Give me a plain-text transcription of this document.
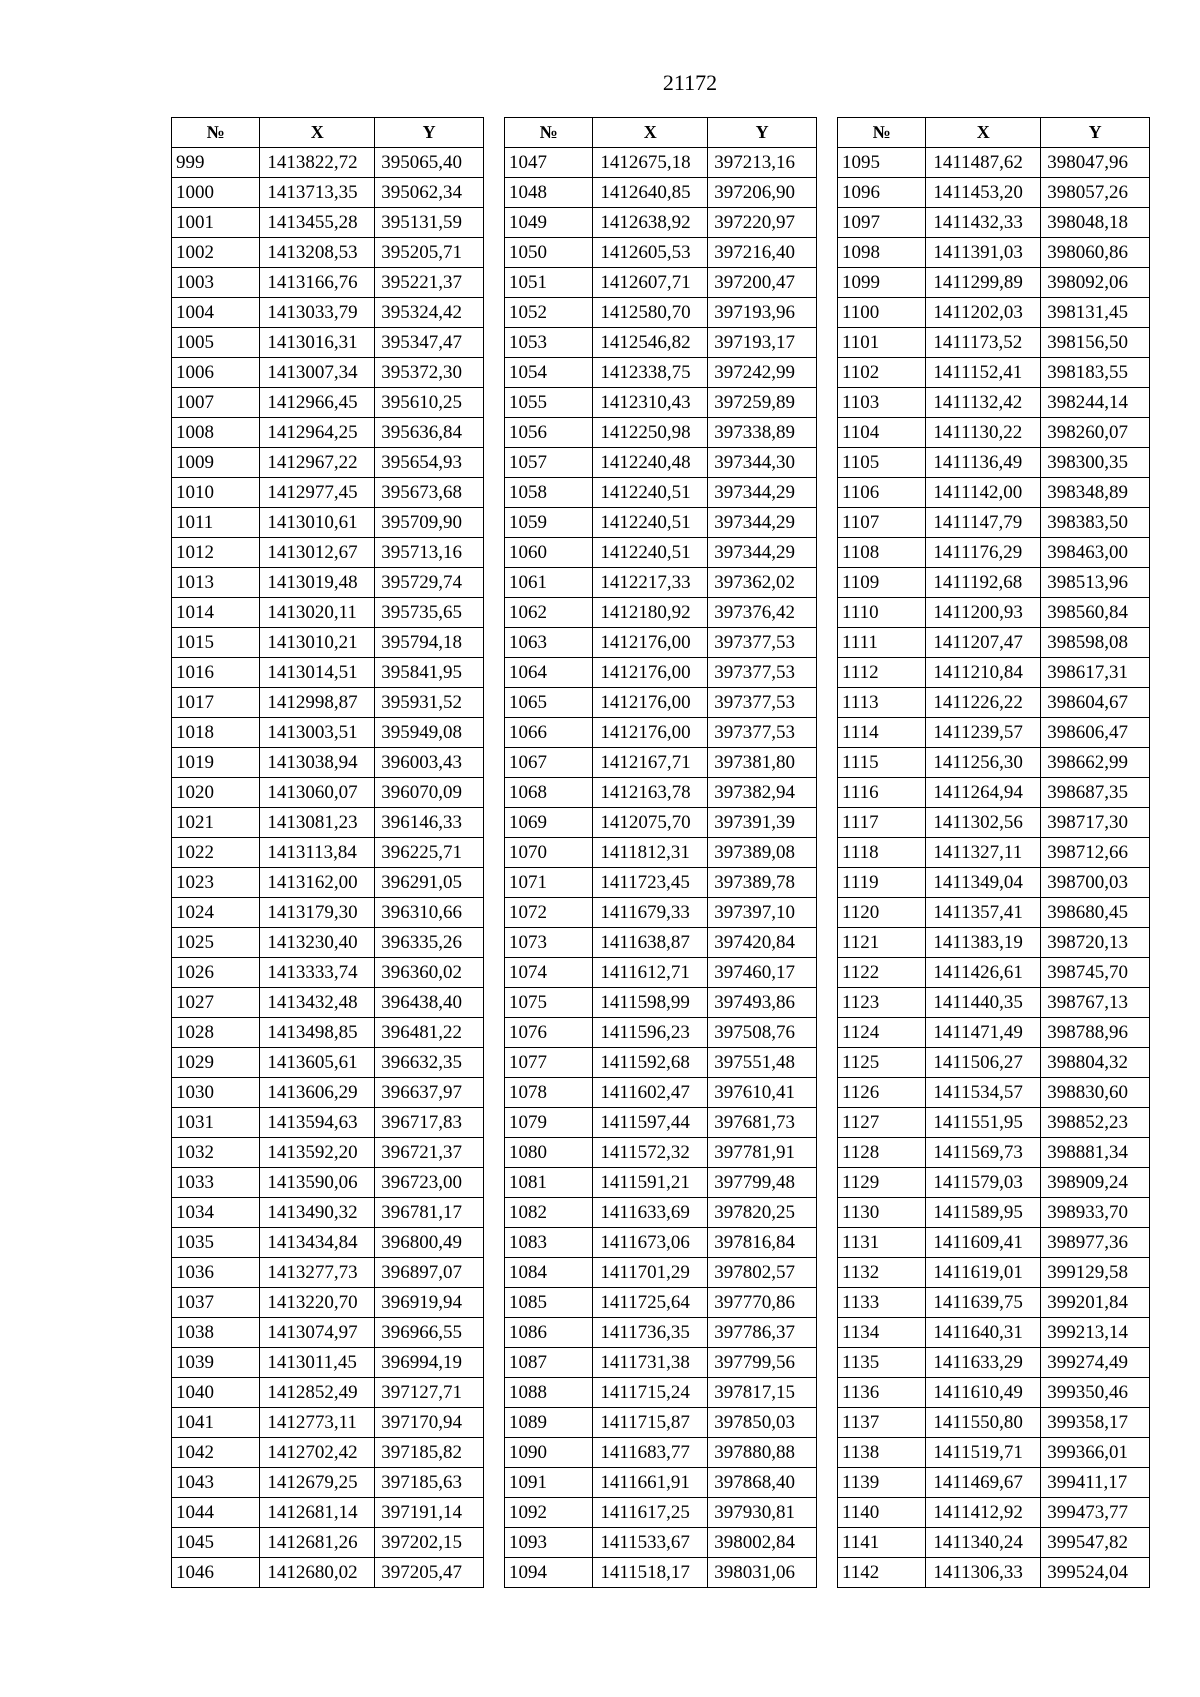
21172
№	X	Y
999	1413822,72	395065,40
1000	1413713,35	395062,34
1001	1413455,28	395131,59
1002	1413208,53	395205,71
1003	1413166,76	395221,37
1004	1413033,79	395324,42
1005	1413016,31	395347,47
1006	1413007,34	395372,30
1007	1412966,45	395610,25
1008	1412964,25	395636,84
1009	1412967,22	395654,93
1010	1412977,45	395673,68
1011	1413010,61	395709,90
1012	1413012,67	395713,16
1013	1413019,48	395729,74
1014	1413020,11	395735,65
1015	1413010,21	395794,18
1016	1413014,51	395841,95
1017	1412998,87	395931,52
1018	1413003,51	395949,08
1019	1413038,94	396003,43
1020	1413060,07	396070,09
1021	1413081,23	396146,33
1022	1413113,84	396225,71
1023	1413162,00	396291,05
1024	1413179,30	396310,66
1025	1413230,40	396335,26
1026	1413333,74	396360,02
1027	1413432,48	396438,40
1028	1413498,85	396481,22
1029	1413605,61	396632,35
1030	1413606,29	396637,97
1031	1413594,63	396717,83
1032	1413592,20	396721,37
1033	1413590,06	396723,00
1034	1413490,32	396781,17
1035	1413434,84	396800,49
1036	1413277,73	396897,07
1037	1413220,70	396919,94
1038	1413074,97	396966,55
1039	1413011,45	396994,19
1040	1412852,49	397127,71
1041	1412773,11	397170,94
1042	1412702,42	397185,82
1043	1412679,25	397185,63
1044	1412681,14	397191,14
1045	1412681,26	397202,15
1046	1412680,02	397205,47
№	X	Y
1047	1412675,18	397213,16
1048	1412640,85	397206,90
1049	1412638,92	397220,97
1050	1412605,53	397216,40
1051	1412607,71	397200,47
1052	1412580,70	397193,96
1053	1412546,82	397193,17
1054	1412338,75	397242,99
1055	1412310,43	397259,89
1056	1412250,98	397338,89
1057	1412240,48	397344,30
1058	1412240,51	397344,29
1059	1412240,51	397344,29
1060	1412240,51	397344,29
1061	1412217,33	397362,02
1062	1412180,92	397376,42
1063	1412176,00	397377,53
1064	1412176,00	397377,53
1065	1412176,00	397377,53
1066	1412176,00	397377,53
1067	1412167,71	397381,80
1068	1412163,78	397382,94
1069	1412075,70	397391,39
1070	1411812,31	397389,08
1071	1411723,45	397389,78
1072	1411679,33	397397,10
1073	1411638,87	397420,84
1074	1411612,71	397460,17
1075	1411598,99	397493,86
1076	1411596,23	397508,76
1077	1411592,68	397551,48
1078	1411602,47	397610,41
1079	1411597,44	397681,73
1080	1411572,32	397781,91
1081	1411591,21	397799,48
1082	1411633,69	397820,25
1083	1411673,06	397816,84
1084	1411701,29	397802,57
1085	1411725,64	397770,86
1086	1411736,35	397786,37
1087	1411731,38	397799,56
1088	1411715,24	397817,15
1089	1411715,87	397850,03
1090	1411683,77	397880,88
1091	1411661,91	397868,40
1092	1411617,25	397930,81
1093	1411533,67	398002,84
1094	1411518,17	398031,06
№	X	Y
1095	1411487,62	398047,96
1096	1411453,20	398057,26
1097	1411432,33	398048,18
1098	1411391,03	398060,86
1099	1411299,89	398092,06
1100	1411202,03	398131,45
1101	1411173,52	398156,50
1102	1411152,41	398183,55
1103	1411132,42	398244,14
1104	1411130,22	398260,07
1105	1411136,49	398300,35
1106	1411142,00	398348,89
1107	1411147,79	398383,50
1108	1411176,29	398463,00
1109	1411192,68	398513,96
1110	1411200,93	398560,84
1111	1411207,47	398598,08
1112	1411210,84	398617,31
1113	1411226,22	398604,67
1114	1411239,57	398606,47
1115	1411256,30	398662,99
1116	1411264,94	398687,35
1117	1411302,56	398717,30
1118	1411327,11	398712,66
1119	1411349,04	398700,03
1120	1411357,41	398680,45
1121	1411383,19	398720,13
1122	1411426,61	398745,70
1123	1411440,35	398767,13
1124	1411471,49	398788,96
1125	1411506,27	398804,32
1126	1411534,57	398830,60
1127	1411551,95	398852,23
1128	1411569,73	398881,34
1129	1411579,03	398909,24
1130	1411589,95	398933,70
1131	1411609,41	398977,36
1132	1411619,01	399129,58
1133	1411639,75	399201,84
1134	1411640,31	399213,14
1135	1411633,29	399274,49
1136	1411610,49	399350,46
1137	1411550,80	399358,17
1138	1411519,71	399366,01
1139	1411469,67	399411,17
1140	1411412,92	399473,77
1141	1411340,24	399547,82
1142	1411306,33	399524,04
